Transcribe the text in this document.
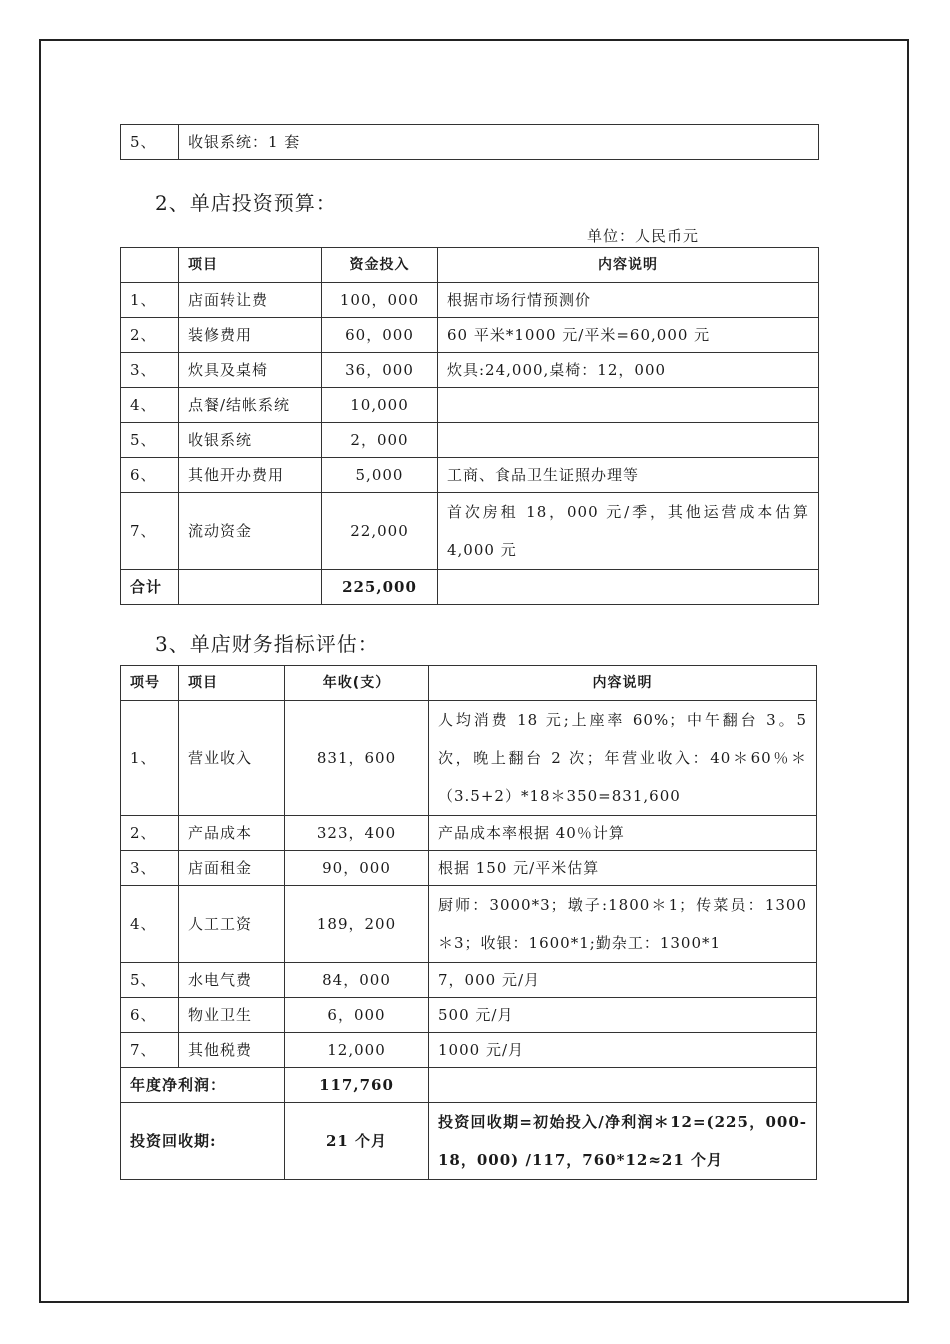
5、	收银系统：1 套
2、单店投资预算：
单位：人民币元
	项目	资金投入	内容说明
1、	店面转让费	100，000	根据市场行情预测价
2、	装修费用	60，000	60 平米*1000 元/平米=60,000 元
3、	炊具及桌椅	36，000	炊具:24,000,桌椅：12，000
4、	点餐/结帐系统	10,000	
5、	收银系统	2，000	
6、	其他开办费用	5,000	工商、食品卫生证照办理等
7、	流动资金	22,000	首次房租 18，000 元/季，其他运营成本估算 4,000 元
合计		225,000	
3、单店财务指标评估：
项号	项目	年收(支）	内容说明
1、	营业收入	831，600	人均消费 18 元;上座率 60%；中午翻台 3。5 次，晚上翻台 2 次；年营业收入：40＊60％＊（3.5+2）*18＊350=831,600
2、	产品成本	323，400	产品成本率根据 40％计算
3、	店面租金	90，000	根据 150 元/平米估算
4、	人工工资	189，200	厨师：3000*3；墩子:1800＊1；传菜员：1300＊3；收银：1600*1;勤杂工：1300*1
5、	水电气费	84，000	7，000 元/月
6、	物业卫生	6，000	500 元/月
7、	其他税费	12,000	1000 元/月
年度净利润：		117,760	
投资回收期:		21 个月	投资回收期=初始投入/净利润＊12=(225，000-18，000) /117，760*12≈21 个月
